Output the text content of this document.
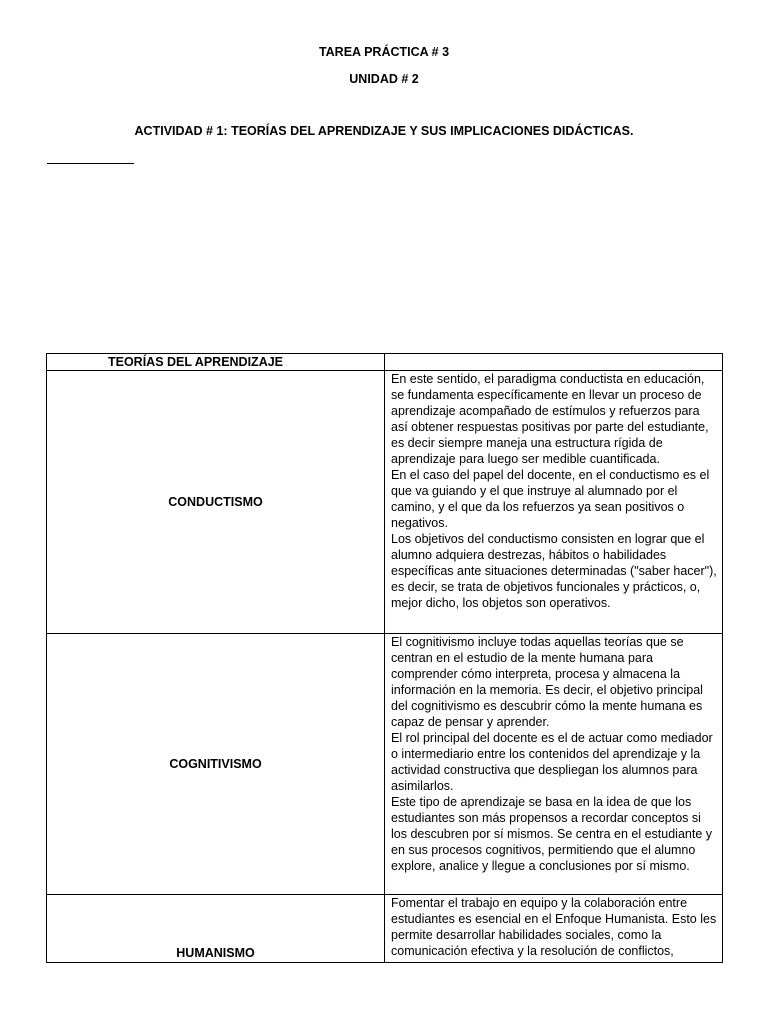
TAREA PRÁCTICA # 3
UNIDAD # 2
ACTIVIDAD # 1: TEORÍAS DEL APRENDIZAJE Y SUS IMPLICACIONES DIDÁCTICAS.
TEORÍAS DEL APRENDIZAJE	
CONDUCTISMO	En este sentido, el paradigma conductista en educación, se fundamenta específicamente en llevar un proceso de aprendizaje acompañado de estímulos y refuerzos para así obtener respuestas positivas por parte del estudiante, es decir siempre maneja una estructura rígida de aprendizaje para luego ser medible cuantificada.

En el caso del papel del docente, en el conductismo es el que va guiando y el que instruye al alumnado por el camino, y el que da los refuerzos ya sean positivos o negativos.

Los objetivos del conductismo consisten en lograr que el alumno adquiera destrezas, hábitos o habilidades específicas ante situaciones determinadas ("saber hacer"), es decir, se trata de objetivos funcionales y prácticos, o, mejor dicho, los objetos son operativos.

COGNITIVISMO	El cognitivismo incluye todas aquellas teorías que se centran en el estudio de la mente humana para comprender cómo interpreta, procesa y almacena la información en la memoria. Es decir, el objetivo principal del cognitivismo es descubrir cómo la mente humana es capaz de pensar y aprender.

El rol principal del docente es el de actuar como mediador o intermediario entre los contenidos del aprendizaje y la actividad constructiva que despliegan los alumnos para asimilarlos.

Este tipo de aprendizaje se basa en la idea de que los estudiantes son más propensos a recordar conceptos si los descubren por sí mismos. Se centra en el estudiante y en sus procesos cognitivos, permitiendo que el alumno explore, analice y llegue a conclusiones por sí mismo.

HUMANISMO	Fomentar el trabajo en equipo y la colaboración entre estudiantes es esencial en el Enfoque Humanista. Esto les permite desarrollar habilidades sociales, como la comunicación efectiva y la resolución de conflictos,
